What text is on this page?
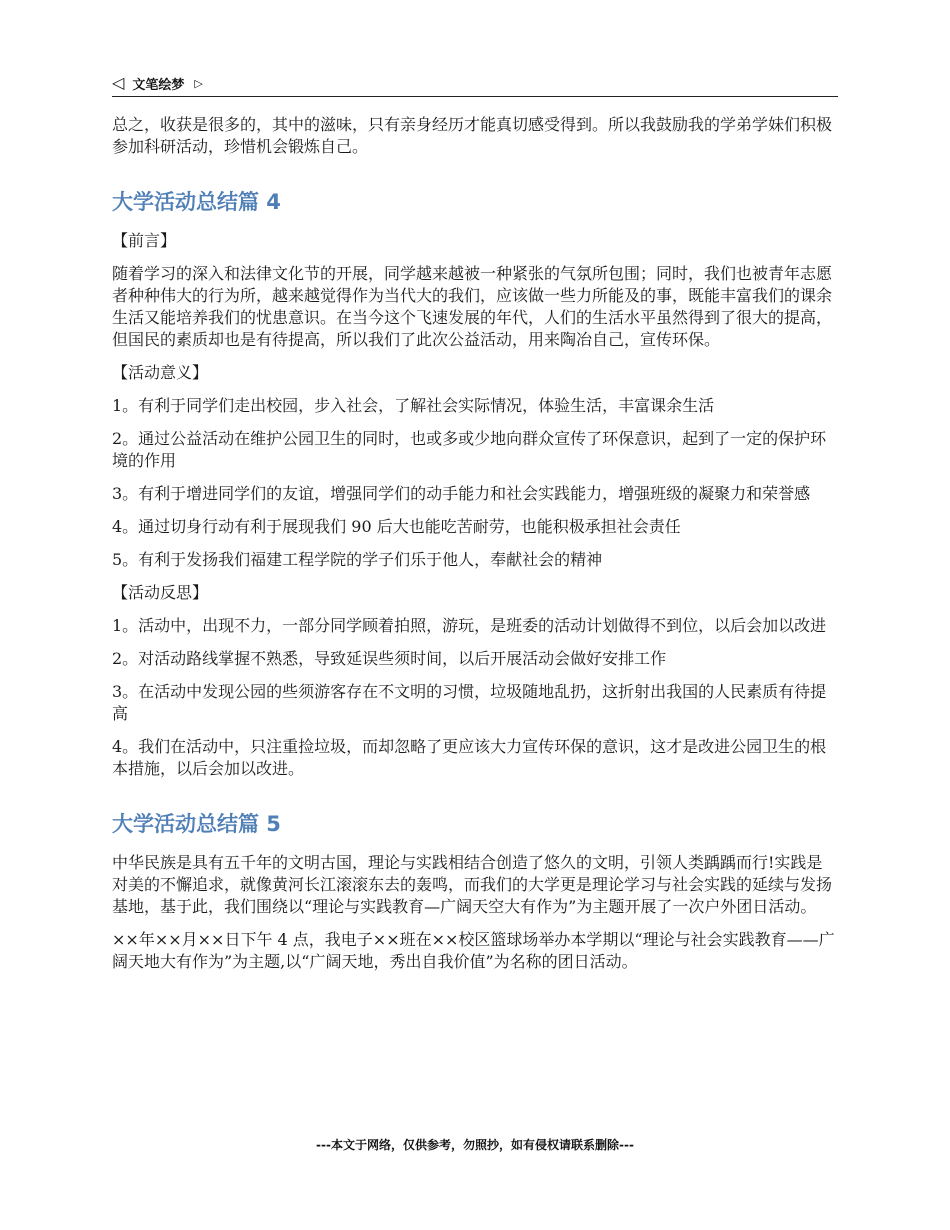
◁ 文笔绘梦 ▷

总之，收获是很多的，其中的滋味，只有亲身经历才能真切感受得到。所以我鼓励我的学弟学妹们积极参加科研活动，珍惜机会锻炼自己。

大学活动总结篇 4

【前言】

随着学习的深入和法律文化节的开展，同学越来越被一种紧张的气氛所包围；同时，我们也被青年志愿者种种伟大的行为所，越来越觉得作为当代大的我们，应该做一些力所能及的事，既能丰富我们的课余生活又能培养我们的忧患意识。在当今这个飞速发展的年代，人们的生活水平虽然得到了很大的提高，但国民的素质却也是有待提高，所以我们了此次公益活动，用来陶冶自己，宣传环保。

【活动意义】

1。有利于同学们走出校园，步入社会，了解社会实际情况，体验生活，丰富课余生活

2。通过公益活动在维护公园卫生的同时，也或多或少地向群众宣传了环保意识，起到了一定的保护环境的作用

3。有利于增进同学们的友谊，增强同学们的动手能力和社会实践能力，增强班级的凝聚力和荣誉感

4。通过切身行动有利于展现我们 90 后大也能吃苦耐劳，也能积极承担社会责任

5。有利于发扬我们福建工程学院的学子们乐于他人，奉献社会的精神

【活动反思】

1。活动中，出现不力，一部分同学顾着拍照，游玩，是班委的活动计划做得不到位，以后会加以改进

2。对活动路线掌握不熟悉，导致延误些须时间，以后开展活动会做好安排工作

3。在活动中发现公园的些须游客存在不文明的习惯，垃圾随地乱扔，这折射出我国的人民素质有待提高

4。我们在活动中，只注重捡垃圾，而却忽略了更应该大力宣传环保的意识，这才是改进公园卫生的根本措施，以后会加以改进。

大学活动总结篇 5

中华民族是具有五千年的文明古国，理论与实践相结合创造了悠久的文明，引领人类踽踽而行!实践是对美的不懈追求，就像黄河长江滚滚东去的轰鸣，而我们的大学更是理论学习与社会实践的延续与发扬基地，基于此，我们围绕以“理论与实践教育—广阔天空大有作为”为主题开展了一次户外团日活动。

××年××月××日下午 4 点，我电子××班在××校区篮球场举办本学期以“理论与社会实践教育——广阔天地大有作为”为主题,以“广阔天地，秀出自我价值”为名称的团日活动。

---本文于网络，仅供参考，勿照抄，如有侵权请联系删除---
